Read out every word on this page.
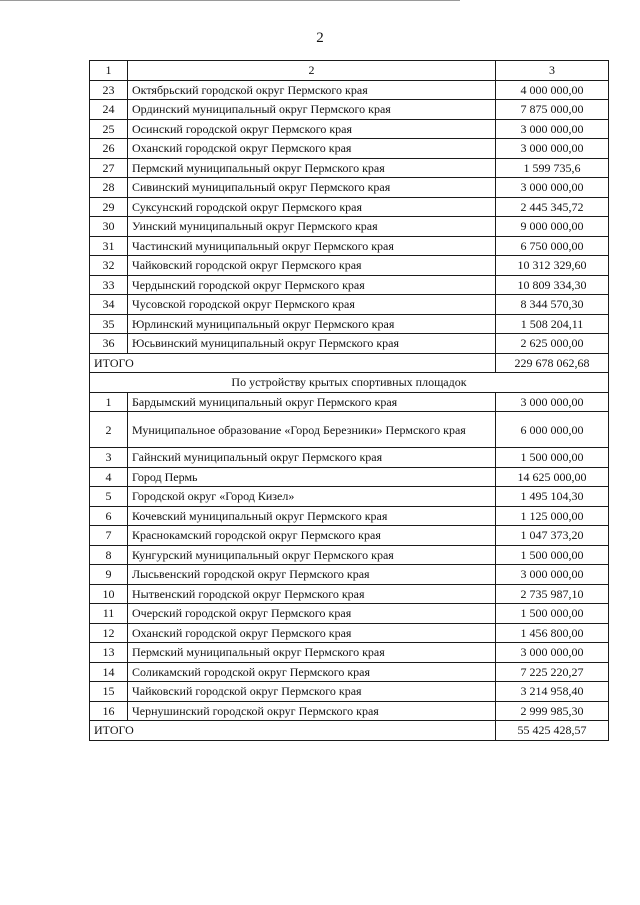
2
1	2	3
23	Октябрьский городской округ Пермского края	4 000 000,00
24	Ординский муниципальный округ Пермского края	7 875 000,00
25	Осинский городской округ Пермского края	3 000 000,00
26	Оханский городской округ Пермского края	3 000 000,00
27	Пермский муниципальный округ Пермского края	1 599 735,6
28	Сивинский муниципальный округ Пермского края	3 000 000,00
29	Суксунский городской округ Пермского края	2 445 345,72
30	Уинский муниципальный округ Пермского края	9 000 000,00
31	Частинский муниципальный округ Пермского края	6 750 000,00
32	Чайковский городской округ Пермского края	10 312 329,60
33	Чердынский городской округ Пермского края	10 809 334,30
34	Чусовской городской округ Пермского края	8 344 570,30
35	Юрлинский муниципальный округ Пермского края	1 508 204,11
36	Юсьвинский муниципальный округ Пермского края	2 625 000,00
ИТОГО		229 678 062,68
По устройству крытых спортивных площадок		
1	Бардымский муниципальный округ Пермского края	3 000 000,00
2	Муниципальное образование «Город Березники» Пермского края	6 000 000,00
3	Гайнский муниципальный округ Пермского края	1 500 000,00
4	Город Пермь	14 625 000,00
5	Городской округ «Город Кизел»	1 495 104,30
6	Кочевский муниципальный округ Пермского края	1 125 000,00
7	Краснокамский городской округ Пермского края	1 047 373,20
8	Кунгурский муниципальный округ Пермского края	1 500 000,00
9	Лысьвенский городской округ Пермского края	3 000 000,00
10	Нытвенский городской округ Пермского края	2 735 987,10
11	Очерский городской округ Пермского края	1 500 000,00
12	Оханский городской округ Пермского края	1 456 800,00
13	Пермский муниципальный округ Пермского края	3 000 000,00
14	Соликамский городской округ Пермского края	7 225 220,27
15	Чайковский городской округ Пермского края	3 214 958,40
16	Чернушинский городской округ Пермского края	2 999 985,30
ИТОГО		55 425 428,57
